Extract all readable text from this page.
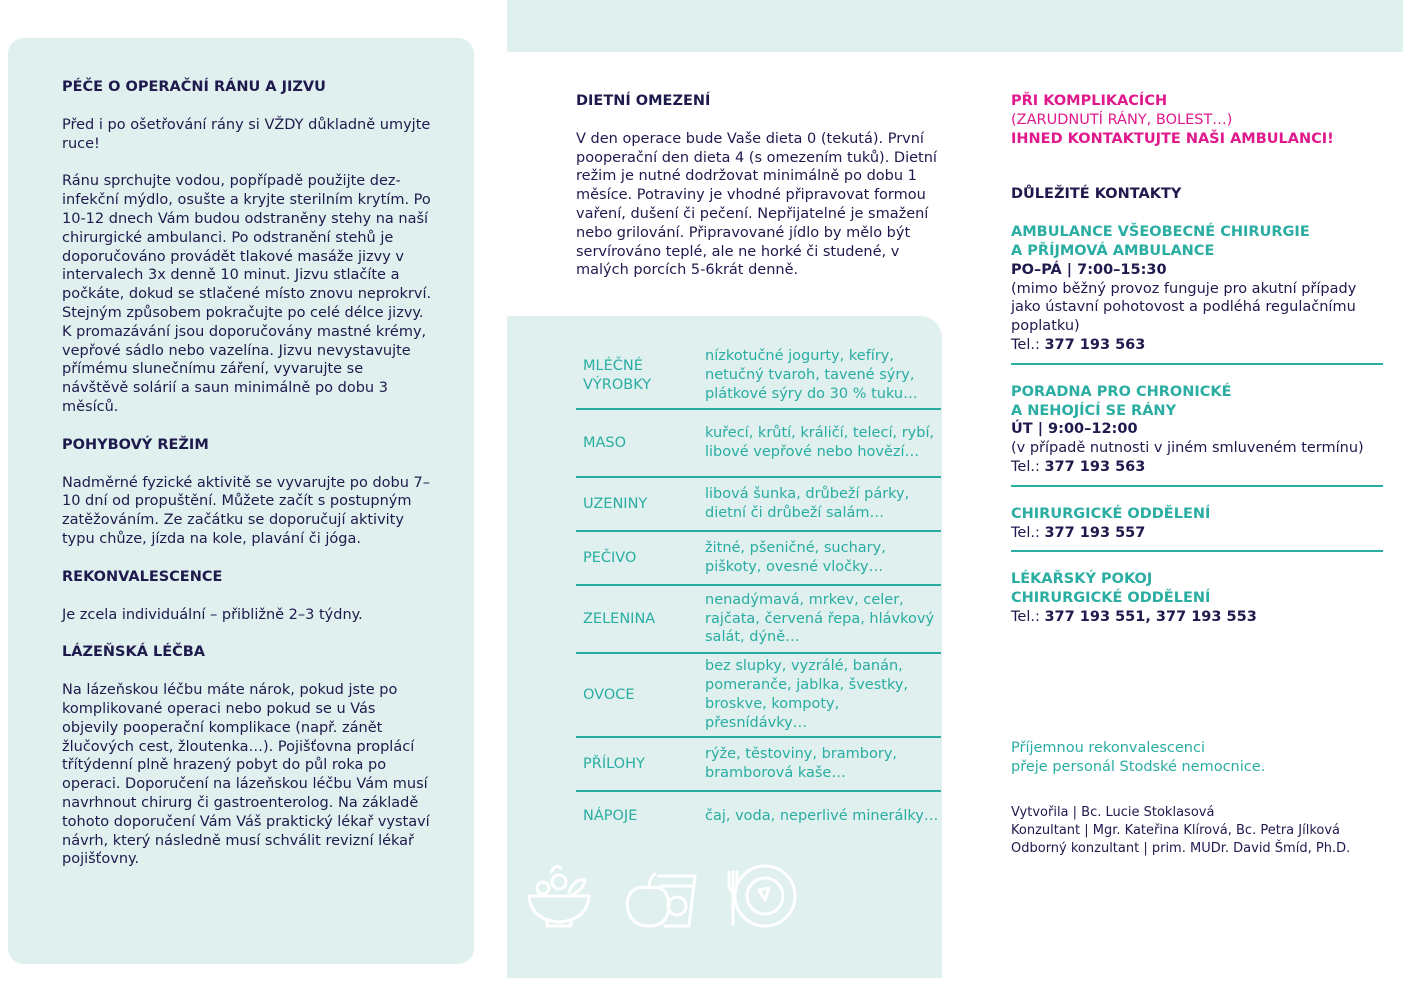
PÉČE O OPERAČNÍ RÁNU A JIZVU

Před i po ošetřování rány si VŽDY důkladně umyjte ruce!

Ránu sprchujte vodou, popřípadě použijte dezinfekční mýdlo, osušte a kryjte sterilním krytím. Po 10-12 dnech Vám budou odstraněny stehy na naší chirurgické ambulanci. Po odstranění stehů je doporučováno provádět tlakové masáže jizvy v intervalech 3x denně 10 minut. Jizvu stlačíte a počkáte, dokud se stlačené místo znovu neprokrví. Stejným způsobem pokračujte po celé délce jizvy. K promazávání jsou doporučovány mastné krémy, vepřové sádlo nebo vazelína. Jizvu nevystavujte přímému slunečnímu záření, vyvarujte se návštěvě solárií a saun minimálně po dobu 3 měsíců.

POHYBOVÝ REŽIM

Nadměrné fyzické aktivitě se vyvarujte po dobu 7–10 dní od propuštění. Můžete začít s postupným zatěžováním. Ze začátku se doporučují aktivity typu chůze, jízda na kole, plavání či jóga.

REKONVALESCENCE

Je zcela individuální – přibližně 2–3 týdny.

LÁZEŇSKÁ LÉČBA

Na lázeňskou léčbu máte nárok, pokud jste po komplikované operaci nebo pokud se u Vás objevily pooperační komplikace (např. zánět žlučových cest, žloutenka…). Pojišťovna proplácí třítýdenní plně hrazený pobyt do půl roka po operaci. Doporučení na lázeňskou léčbu Vám musí navrhnout chirurg či gastroenterolog. Na základě tohoto doporučení Vám Váš praktický lékař vystaví návrh, který následně musí schválit revizní lékař pojišťovny.

DIETNÍ OMEZENÍ

V den operace bude Vaše dieta 0 (tekutá). První pooperační den dieta 4 (s omezením tuků). Dietní režim je nutné dodržovat minimálně po dobu 1 měsíce. Potraviny je vhodné připravovat formou vaření, dušení či pečení. Nepřijatelné je smažení nebo grilování. Připravované jídlo by mělo být servírováno teplé, ale ne horké či studené, v malých porcích 5-6krát denně.

MLÉČNÉ VÝROBKY	nízkotučné jogurty, kefíry, netučný tvaroh, tavené sýry, plátkové sýry do 30 % tuku…
MASO	kuřecí, krůtí, králičí, telecí, rybí, libové vepřové nebo hovězí…
UZENINY	libová šunka, drůbeží párky, dietní či drůbeží salám…
PEČIVO	žitné, pšeničné, suchary, piškoty, ovesné vločky…
ZELENINA	nenadýmavá, mrkev, celer, rajčata, červená řepa, hlávkový salát, dýně…
OVOCE	bez slupky, vyzrálé, banán, pomeranče, jablka, švestky, broskve, kompoty, přesnídávky…
PŘÍLOHY	rýže, těstoviny, brambory, bramborová kaše…
NÁPOJE	čaj, voda, neperlivé minerálky…
PŘI KOMPLIKACÍCH
(ZARUDNUTÍ RÁNY, BOLEST…)
IHNED KONTAKTUJTE NAŠI AMBULANCI!
DŮLEŽITÉ KONTAKTY
AMBULANCE VŠEOBECNÉ CHIRURGIE
A PŘÍJMOVÁ AMBULANCE
PO–PÁ | 7:00–15:30
(mimo běžný provoz funguje pro akutní případy jako ústavní pohotovost a podléhá regulačnímu poplatku)
Tel.: 377 193 563
PORADNA PRO CHRONICKÉ
A NEHOJÍCÍ SE RÁNY
ÚT | 9:00–12:00
(v případě nutnosti v jiném smluveném termínu)
Tel.: 377 193 563
CHIRURGICKÉ ODDĚLENÍ
Tel.: 377 193 557
LÉKAŘSKÝ POKOJ
CHIRURGICKÉ ODDĚLENÍ
Tel.: 377 193 551, 377 193 553
Příjemnou rekonvalescenci
přeje personál Stodské nemocnice.
Vytvořila | Bc. Lucie Stoklasová
Konzultant | Mgr. Kateřina Klírová, Bc. Petra Jílková
Odborný konzultant | prim. MUDr. David Šmíd, Ph.D.
